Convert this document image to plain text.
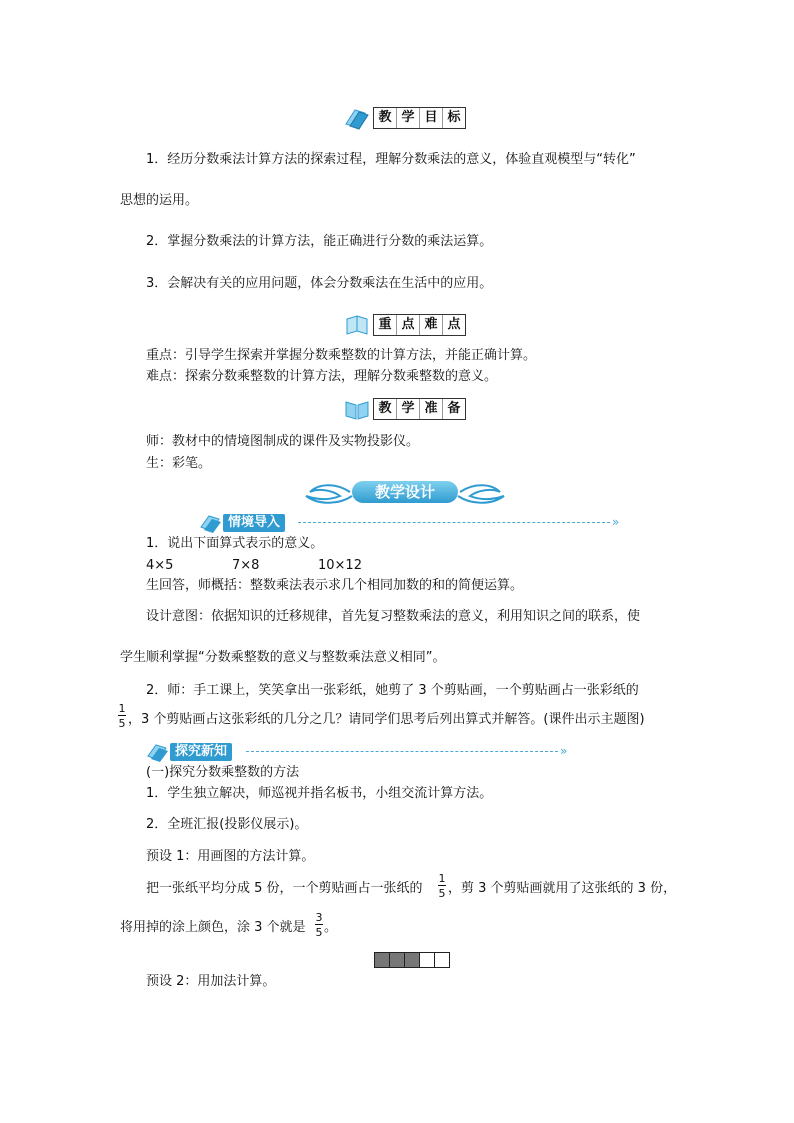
教 学 目 标
1．经历分数乘法计算方法的探索过程，理解分数乘法的意义，体验直观模型与“转化”
思想的运用。
2．掌握分数乘法的计算方法，能正确进行分数的乘法运算。
3．会解决有关的应用问题，体会分数乘法在生活中的应用。
重 点 难 点
重点：引导学生探索并掌握分数乘整数的计算方法，并能正确计算。
难点：探索分数乘整数的计算方法，理解分数乘整数的意义。
教 学 准 备
师：教材中的情境图制成的课件及实物投影仪。
生：彩笔。
教学设计
情境导入	»
1．说出下面算式表示的意义。
4×5	7×8	10×12
生回答，师概括：整数乘法表示求几个相同加数的和的简便运算。
设计意图：依据知识的迁移规律，首先复习整数乘法的意义，利用知识之间的联系，使
学生顺利掌握“分数乘整数的意义与整数乘法意义相同”。
2．师：手工课上，笑笑拿出一张彩纸，她剪了 3 个剪贴画，一个剪贴画占一张彩纸的
1
5 ，3 个剪贴画占这张彩纸的几分之几？请同学们思考后列出算式并解答。(课件出示主题图)
探究新知	»
(一)探究分数乘整数的方法
1．学生独立解决，师巡视并指名板书，小组交流计算方法。
2．全班汇报(投影仪展示)。
预设 1：用画图的方法计算。
把一张纸平均分成 5 份，一个剪贴画占一张纸的
1
5 ，剪 3 个剪贴画就用了这张纸的 3 份，
将用掉的涂上颜色，涂 3 个就是
3
5 。
预设 2：用加法计算。
